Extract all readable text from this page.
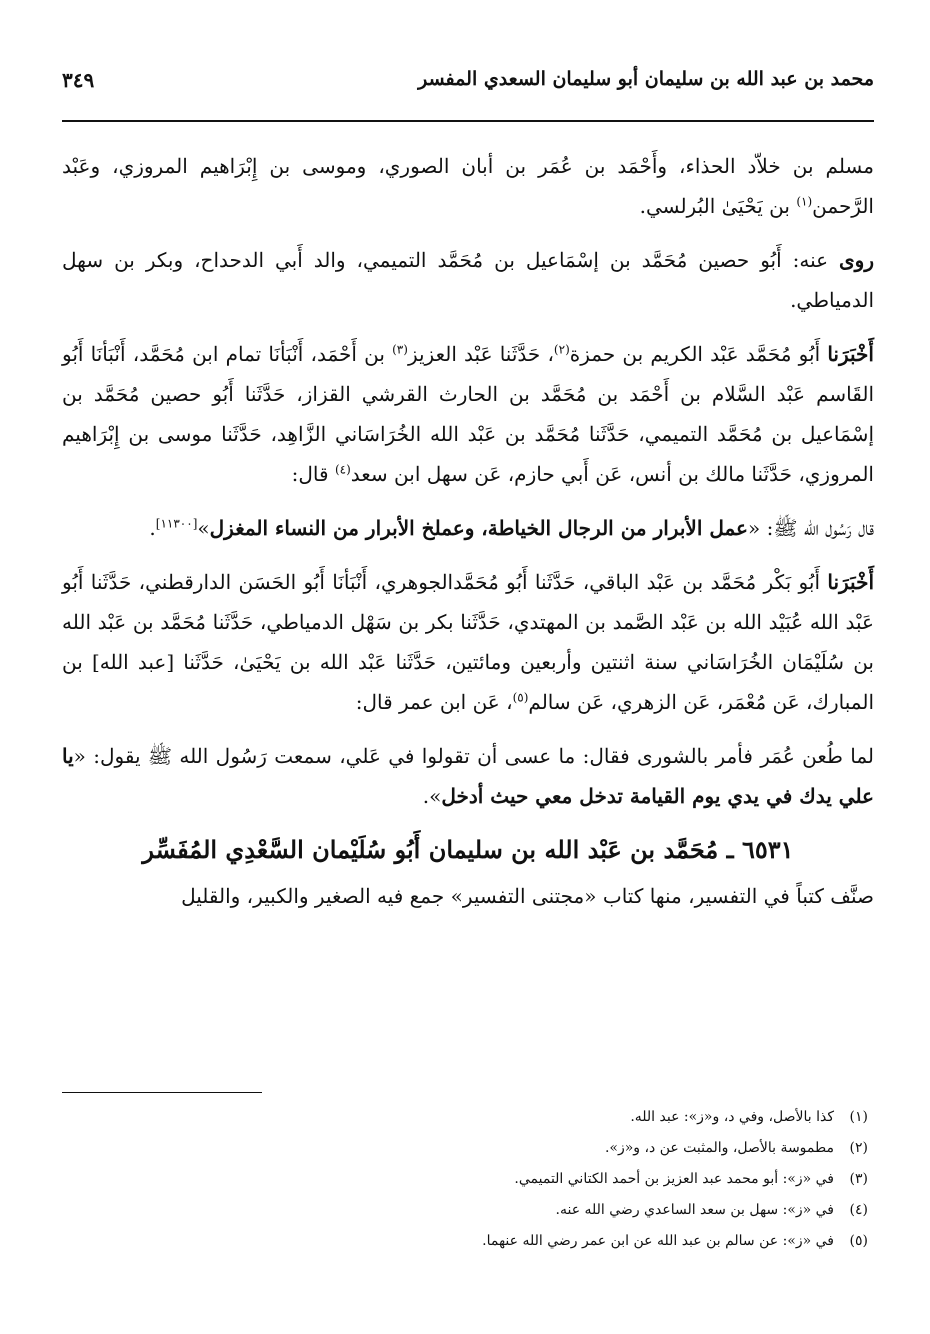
محمد بن عبد الله بن سليمان أبو سليمان السعدي المفسر
٣٤٩

مسلم بن خلاّد الحذاء، وأَحْمَد بن عُمَر بن أبان الصوري، وموسى بن إِبْرَاهيم المروزي، وعَبْد الرَّحمن$^{(١)}$ بن يَحْيَىٰ البُرلسي.

روى عنه: أَبُو حصين مُحَمَّد بن إسْمَاعيل بن مُحَمَّد التميمي، والد أَبي الدحداح، وبكر بن سهل الدمياطي.

أَخْبَرَنا أَبُو مُحَمَّد عَبْد الكريم بن حمزة$^{(٢)}$، حَدَّثَنا عَبْد العزيز$^{(٣)}$ بن أَحْمَد، أَنْبَأنَا تمام ابن مُحَمَّد، أَنْبَأنَا أَبُو القَاسم عَبْد السَّلام بن أَحْمَد بن مُحَمَّد بن الحارث القرشي القزاز، حَدَّثَنا أَبُو حصين مُحَمَّد بن إسْمَاعيل بن مُحَمَّد التميمي، حَدَّثَنا مُحَمَّد بن عَبْد الله الخُرَاسَاني الزَّاهِد، حَدَّثَنا موسى بن إِبْرَاهيم المروزي، حَدَّثَنا مالك بن أنس، عَن أَبي حازم، عَن سهل ابن سعد$^{(٤)}$ قال:

قال رَسُول الله ﷺ: «عمل الأبرار من الرجال الخياطة، وعملخ الأبرار من النساء المغزل»[١١٣٠٠].

أَخْبَرَنا أَبُو بَكْر مُحَمَّد بن عَبْد الباقي، حَدَّثَنا أَبُو مُحَمَّدالجوهري، أَنْبَأنَا أَبُو الحَسَن الدارقطني، حَدَّثَنا أَبُو عَبْد الله عُبَيْد الله بن عَبْد الصَّمد بن المهتدي، حَدَّثَنا بكر بن سَهْل الدمياطي، حَدَّثَنا مُحَمَّد بن عَبْد الله بن سُلَيْمَان الخُرَاسَاني سنة اثنتين وأربعين ومائتين، حَدَّثَنا عَبْد الله بن يَحْيَىٰ، حَدَّثَنا [عبد الله] بن المبارك، عَن مُعْمَر، عَن الزهري، عَن سالم$^{(٥)}$، عَن ابن عمر قال:

لما طُعن عُمَر فأمر بالشورى فقال: ما عسى أن تقولوا في عَلي، سمعت رَسُول الله ﷺ يقول: «يا علي يدك في يدي يوم القيامة تدخل معي حيث أدخل».

٦٥٣١ ـ مُحَمَّد بن عَبْد الله بن سليمان أَبُو سُلَيْمان السَّعْدِي المُفَسِّر

صنَّف كتباً في التفسير، منها كتاب «مجتنى التفسير» جمع فيه الصغير والكبير، والقليل

(١)كذا بالأصل، وفي د، و«ز»: عبد الله.
(٢)مطموسة بالأصل، والمثبت عن د، و«ز».
(٣)في «ز»: أبو محمد عبد العزيز بن أحمد الكتاني التميمي.
(٤)في «ز»: سهل بن سعد الساعدي رضي الله عنه.
(٥)في «ز»: عن سالم بن عبد الله عن ابن عمر رضي الله عنهما.
